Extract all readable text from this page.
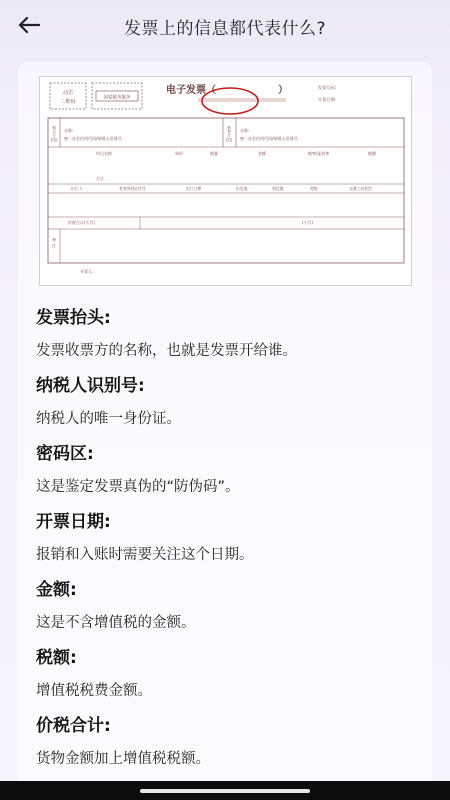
发票上的信息都代表什么?
动态
二维码
国家税务服务
电子发票（	）
· · · · ·
· · ·
发票号码:
开票日期:
购买方信息
销售方信息
名称:
统一社会信用代码/纳税人识别号:
名称:
统一社会信用代码/纳税人识别号:
项目名称	单价	数量	金额	税率/征收率	税额
合计
出行人	有效身份证件号	出行日期	出发地	到达地	等级	交通工具类型
价税合计(大写)	(小写)
备注
开票人:
发票抬头:
发票收票方的名称，也就是发票开给谁。
纳税人识别号:
纳税人的唯一身份证。
密码区:
这是鉴定发票真伪的“防伪码”。
开票日期:
报销和入账时需要关注这个日期。
金额:
这是不含增值税的金额。
税额:
增值税税费金额。
价税合计:
货物金额加上增值税税额。
